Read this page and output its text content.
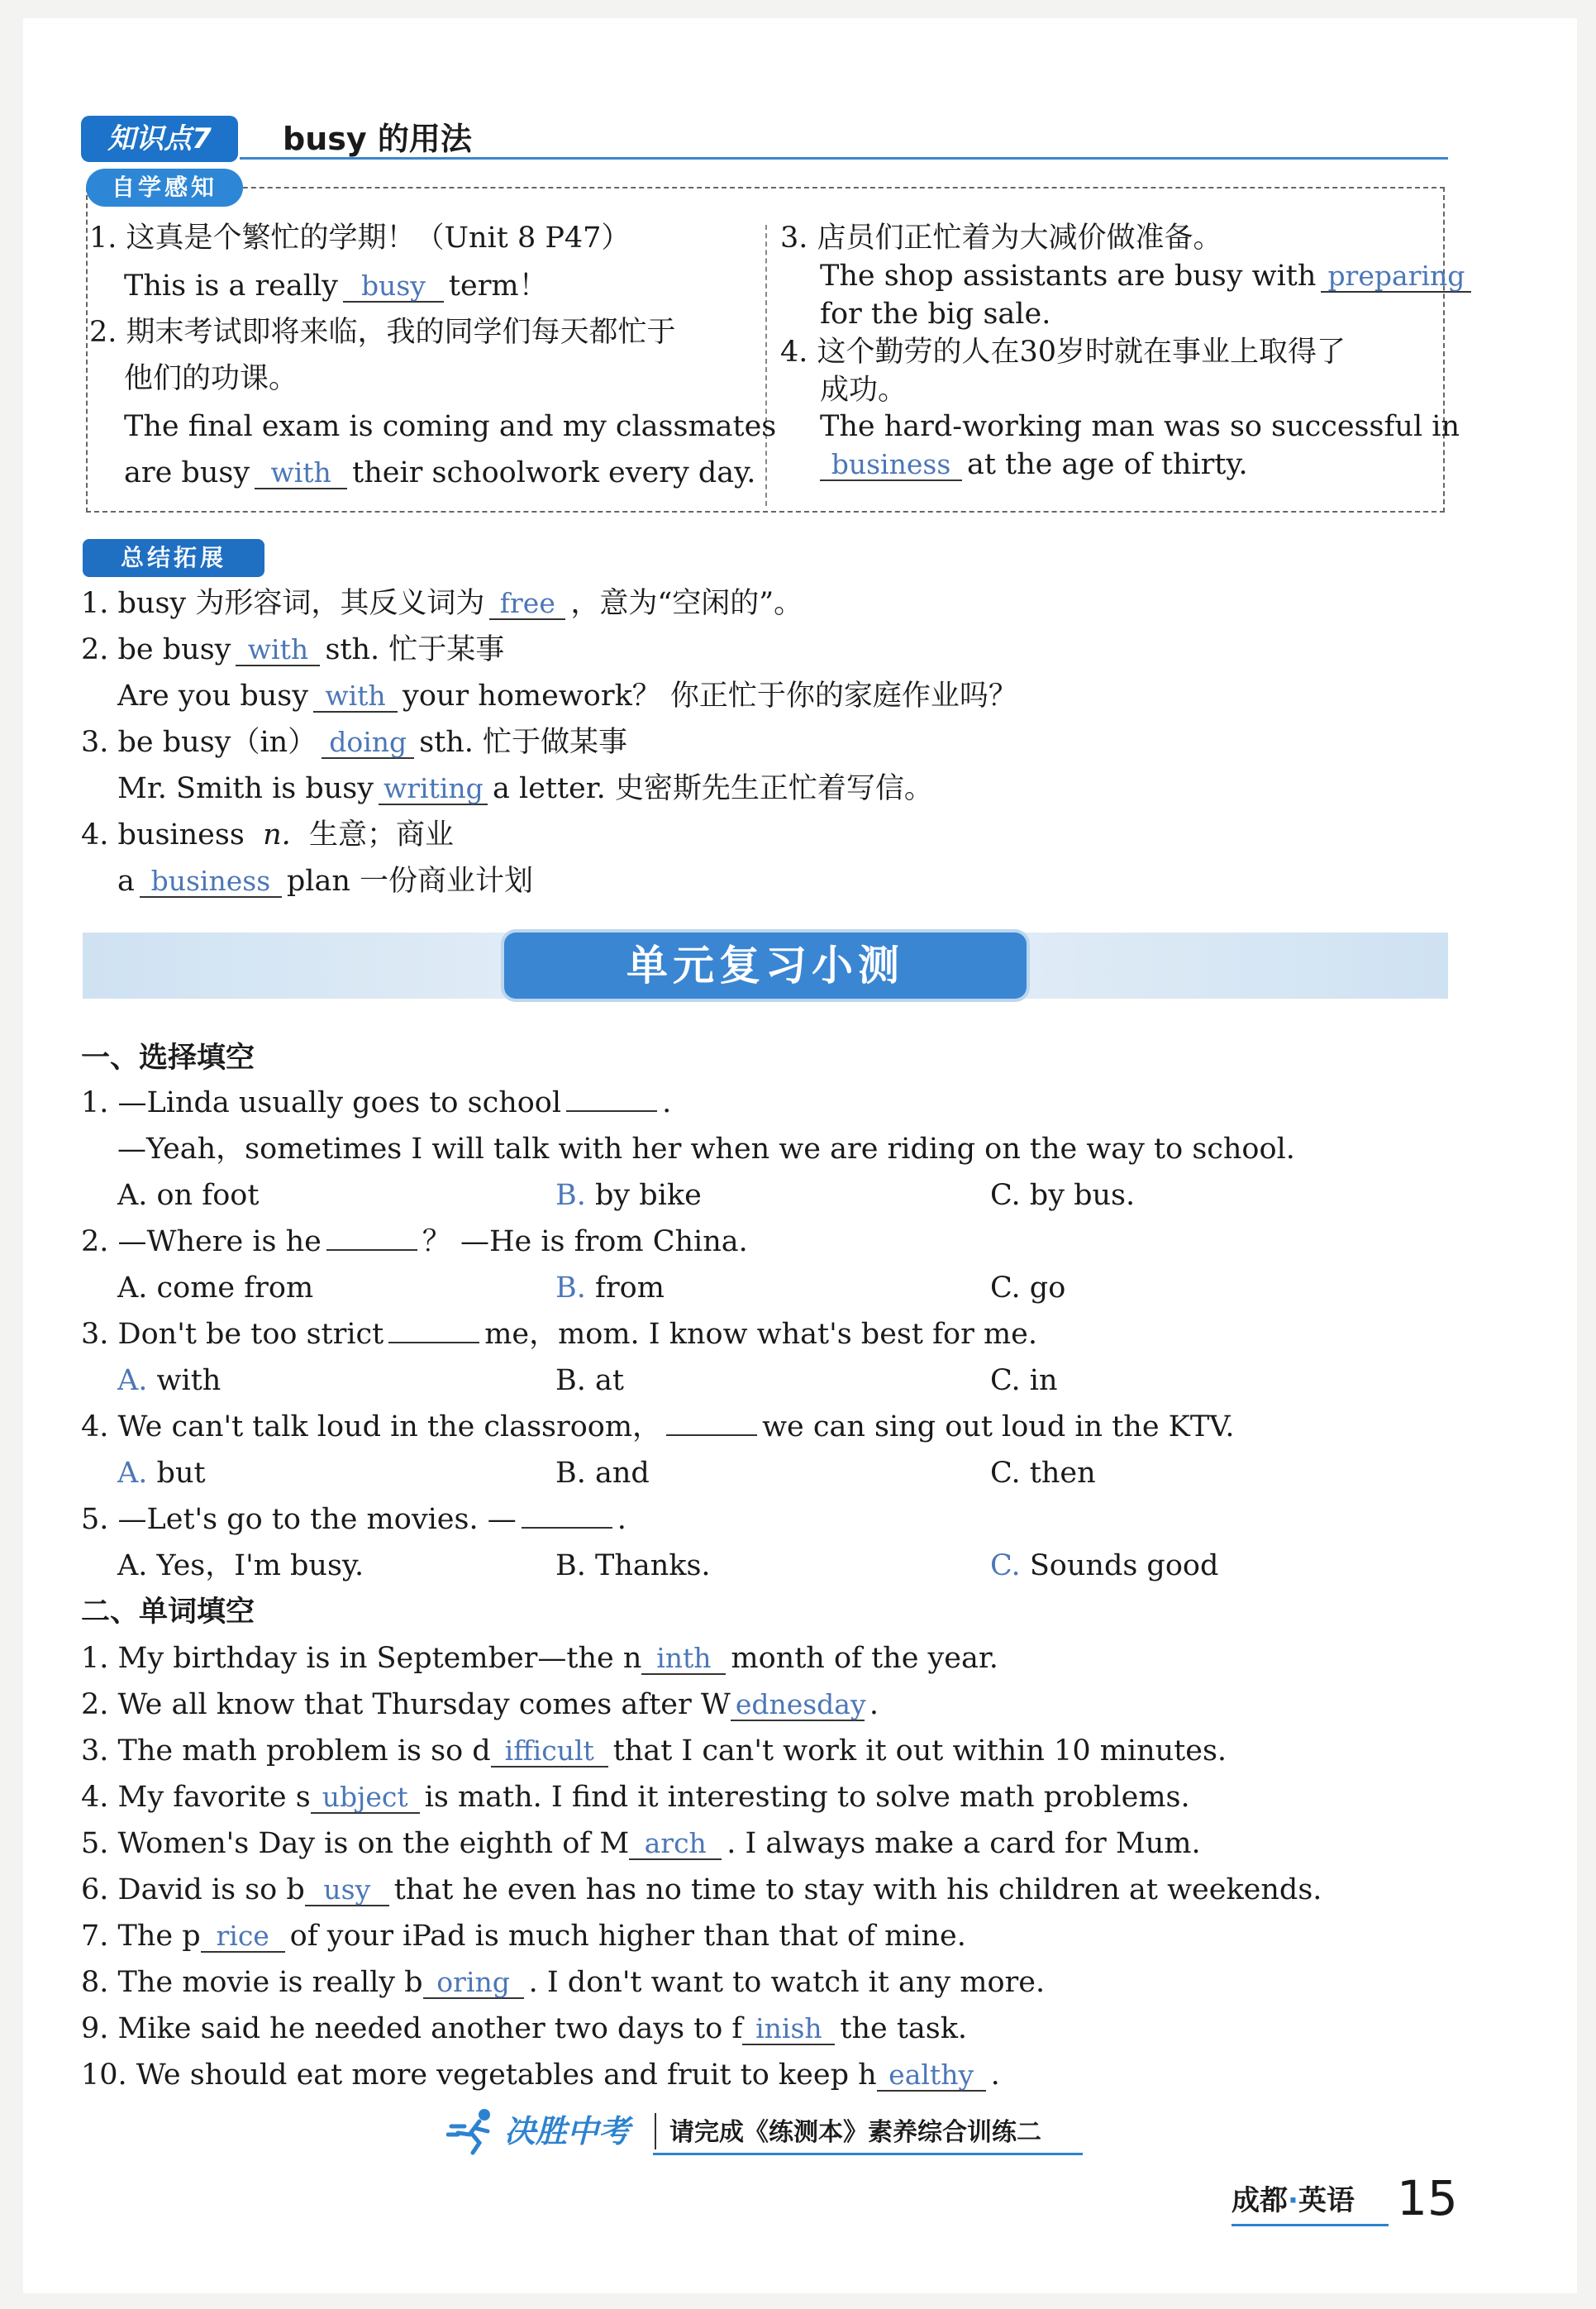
知识点7	busy 的用法
自学感知
1. 这真是个繁忙的学期！（Unit 8 P47）
This is a really busy term！
2. 期末考试即将来临，我的同学们每天都忙于
他们的功课。
The final exam is coming and my classmates
are busy with their schoolwork every day.
3. 店员们正忙着为大减价做准备。
The shop assistants are busy with preparing
for the big sale.
4. 这个勤劳的人在30岁时就在事业上取得了
成功。
The hard-working man was so successful in
business at the age of thirty.
总结拓展
1. busy 为形容词，其反义词为 free ，意为“空闲的”。
2. be busy with sth. 忙于某事
Are you busy with your homework？ 你正忙于你的家庭作业吗？
3. be busy（in） doing sth. 忙于做某事
Mr. Smith is busy writing a letter. 史密斯先生正忙着写信。
4. business n. 生意；商业
a business plan 一份商业计划
单元复习小测
一、选择填空
1. —Linda usually goes to school	.
—Yeah，sometimes I will talk with her when we are riding on the way to school.
A. on foot	B. by bike	C. by bus.
2. —Where is he	？ —He is from China.
A. come from	B. from	C. go
3. Don't be too strict	me，mom. I know what's best for me.
A. with	B. at	C. in
4. We can't talk loud in the classroom，	we can sing out loud in the KTV.
A. but	B. and	C. then
5. —Let's go to the movies. —	.
A. Yes，I'm busy.	B. Thanks.	C. Sounds good
二、单词填空
1. My birthday is in September—the n inth month of the year.
2. We all know that Thursday comes after W ednesday .
3. The math problem is so d ifficult that I can't work it out within 10 minutes.
4. My favorite s ubject is math. I find it interesting to solve math problems.
5. Women's Day is on the eighth of M arch . I always make a card for Mum.
6. David is so b usy that he even has no time to stay with his children at weekends.
7. The p rice of your iPad is much higher than that of mine.
8. The movie is really b oring . I don't want to watch it any more.
9. Mike said he needed another two days to f inish the task.
10. We should eat more vegetables and fruit to keep h ealthy .
决胜中考	请完成《练测本》素养综合训练二
成都·英语 15
